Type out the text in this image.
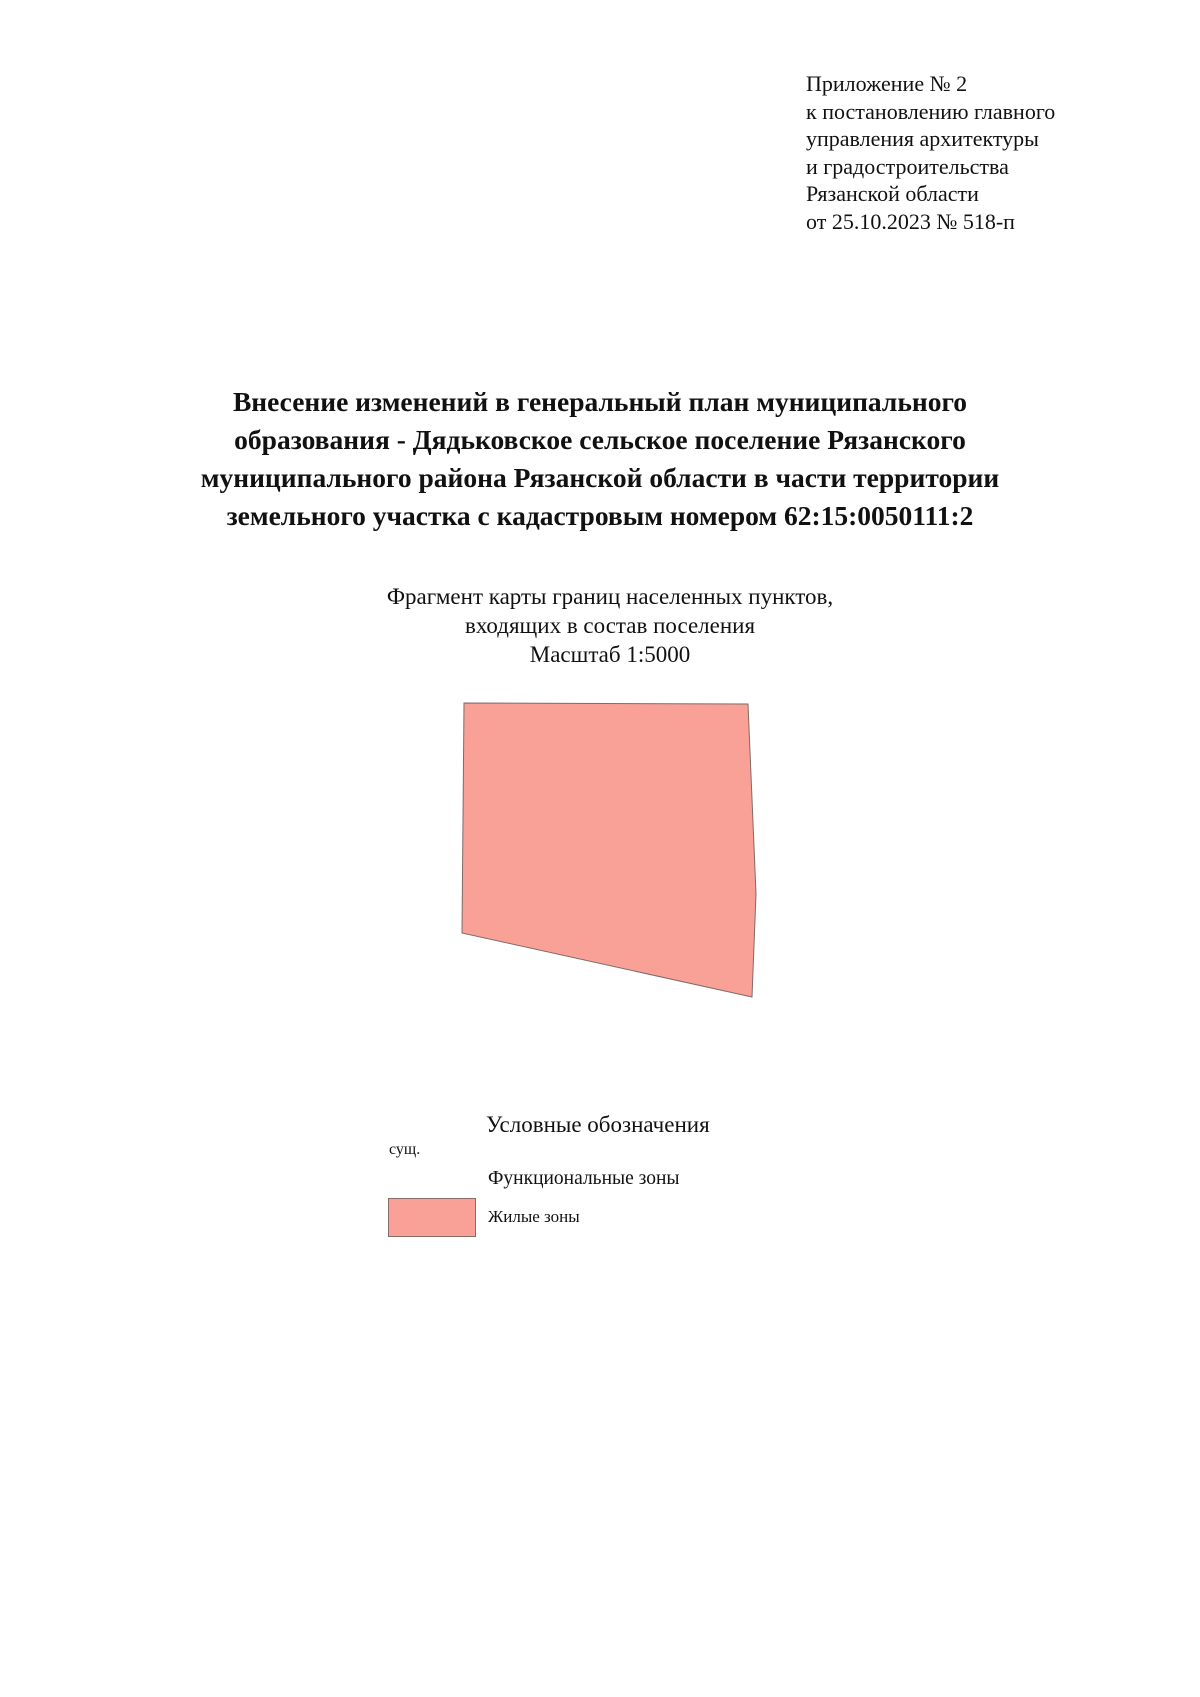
Приложение № 2
к постановлению главного
управления архитектуры
и градостроительства
Рязанской области
от 25.10.2023 № 518-п
Внесение изменений в генеральный план муниципального
образования - Дядьковское сельское поселение Рязанского
муниципального района Рязанской области в части территории
земельного участка с кадастровым номером 62:15:0050111:2
Фрагмент карты границ населенных пунктов,
входящих в состав поселения
Масштаб 1:5000
Условные обозначения
сущ.
Функциональные зоны
Жилые зоны
